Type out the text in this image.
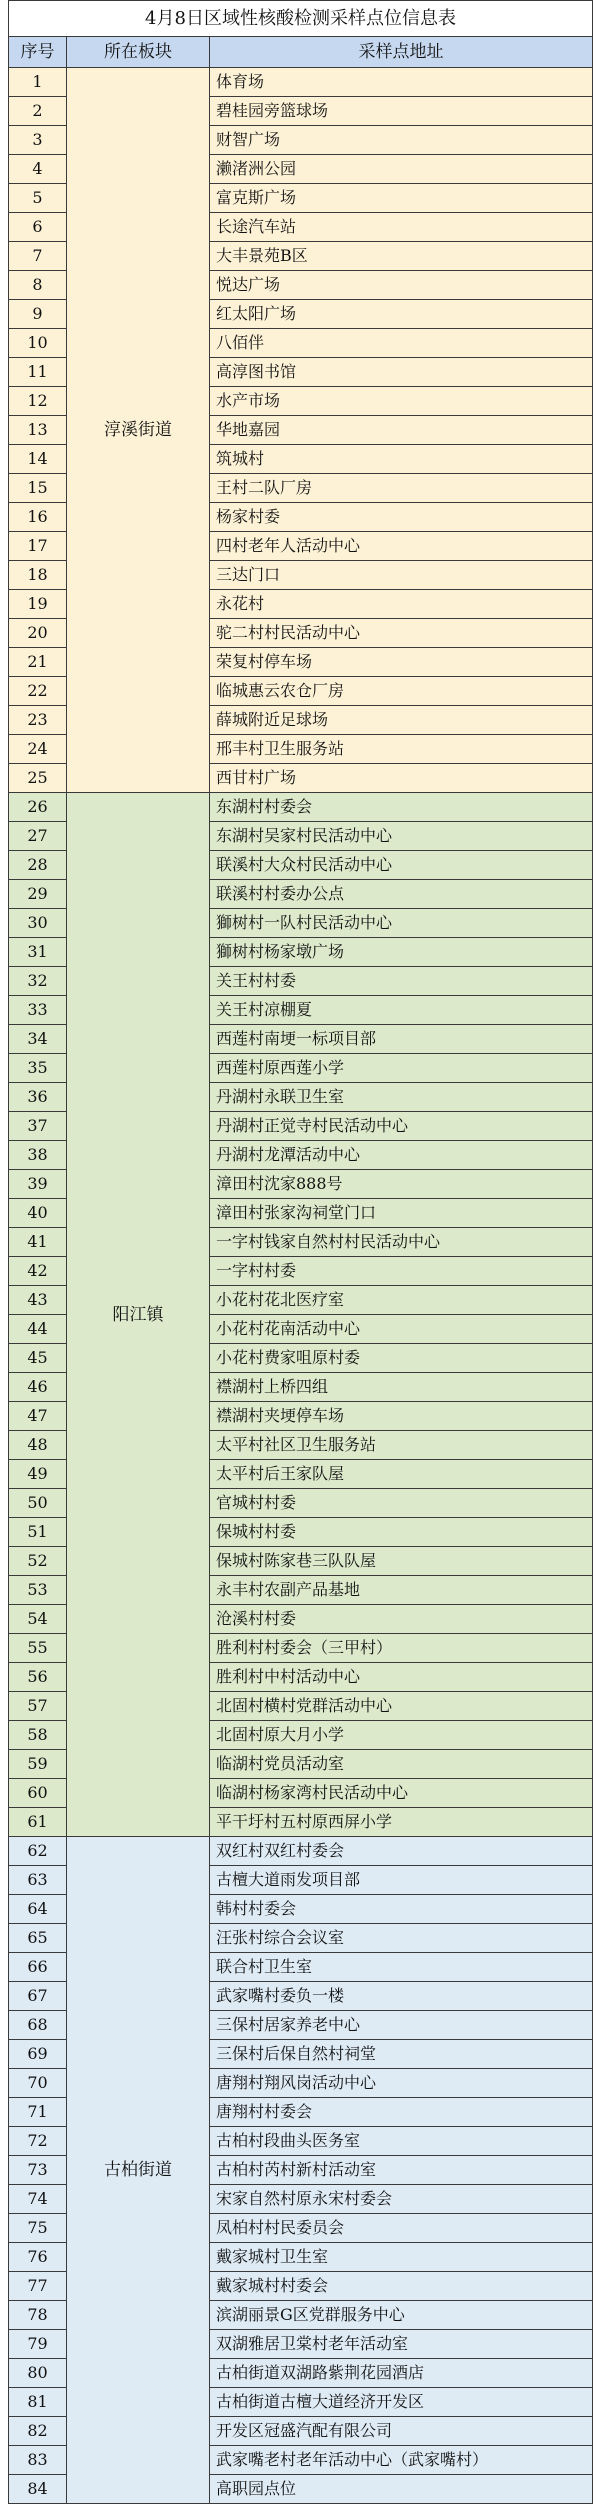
4月8日区域性核酸检测采样点位信息表		
序号	所在板块	采样点地址
1	淳溪街道	体育场
2		碧桂园旁篮球场
3		财智广场
4		濑渚洲公园
5		富克斯广场
6		长途汽车站
7		大丰景苑B区
8		悦达广场
9		红太阳广场
10		八佰伴
11		高淳图书馆
12		水产市场
13		华地嘉园
14		筑城村
15		王村二队厂房
16		杨家村委
17		四村老年人活动中心
18		三达门口
19		永花村
20		驼二村村民活动中心
21		荣复村停车场
22		临城惠云农仓厂房
23		薛城附近足球场
24		邢丰村卫生服务站
25		西甘村广场
26	阳江镇	东湖村村委会
27		东湖村吴家村民活动中心
28		联溪村大众村民活动中心
29		联溪村村委办公点
30		獅树村一队村民活动中心
31		獅树村杨家墩广场
32		关王村村委
33		关王村凉棚夏
34		西莲村南埂一标项目部
35		西莲村原西莲小学
36		丹湖村永联卫生室
37		丹湖村正觉寺村民活动中心
38		丹湖村龙潭活动中心
39		漳田村沈家888号
40		漳田村张家沟祠堂门口
41		一字村钱家自然村村民活动中心
42		一字村村委
43		小花村花北医疗室
44		小花村花南活动中心
45		小花村费家咀原村委
46		襟湖村上桥四组
47		襟湖村夹埂停车场
48		太平村社区卫生服务站
49		太平村后王家队屋
50		官城村村委
51		保城村村委
52		保城村陈家巷三队队屋
53		永丰村农副产品基地
54		沧溪村村委
55		胜利村村委会（三甲村）
56		胜利村中村活动中心
57		北固村横村党群活动中心
58		北固村原大月小学
59		临湖村党员活动室
60		临湖村杨家湾村民活动中心
61		平干圩村五村原西屏小学
62	古柏街道	双红村双红村委会
63		古檀大道雨发项目部
64		韩村村委会
65		汪张村综合会议室
66		联合村卫生室
67		武家嘴村委负一楼
68		三保村居家养老中心
69		三保村后保自然村祠堂
70		唐翔村翔风岗活动中心
71		唐翔村村委会
72		古柏村段曲头医务室
73		古柏村芮村新村活动室
74		宋家自然村原永宋村委会
75		凤柏村村民委员会
76		戴家城村卫生室
77		戴家城村村委会
78		滨湖丽景G区党群服务中心
79		双湖雅居卫棠村老年活动室
80		古柏街道双湖路紫荆花园酒店
81		古柏街道古檀大道经济开发区
82		开发区冠盛汽配有限公司
83		武家嘴老村老年活动中心（武家嘴村）
84		高职园点位
